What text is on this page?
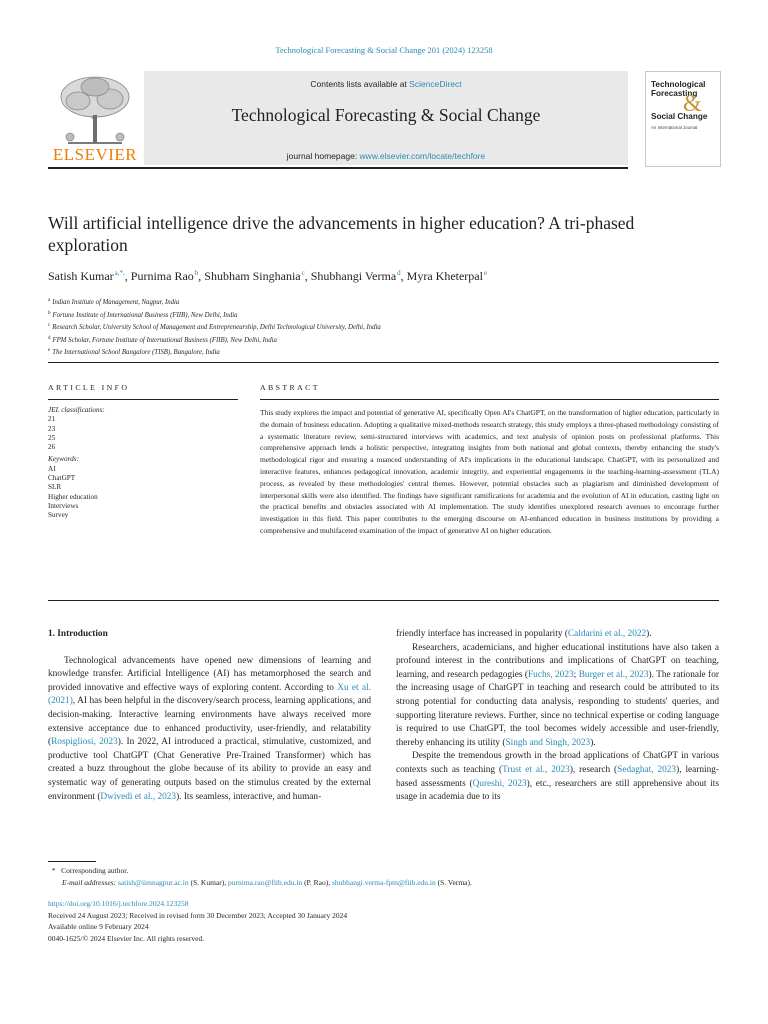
Technological Forecasting & Social Change 201 (2024) 123258
ELSEVIER
Contents lists available at ScienceDirect
Technological Forecasting & Social Change
journal homepage: www.elsevier.com/locate/techfore
Technological
Forecasting
Social Change
&
An International Journal
Will artificial intelligence drive the advancements in higher education? A tri-phased exploration
Satish Kumar$^{a,*,}$, Purnima Rao$^b$, Shubham Singhania$^c$, Shubhangi Verma$^d$, Myra Kheterpal$^e$
$^a$ Indian Institute of Management, Nagpur, India
$^b$ Fortune Institute of International Business (FIIB), New Delhi, India
$^c$ Research Scholar, University School of Management and Entrepreneurship, Delhi Technological University, Delhi, India
$^d$ FPM Scholar, Fortune Institute of International Business (FIIB), New Delhi, India
$^e$ The International School Bangalore (TISB), Bangalore, India
ARTICLE INFO
JEL classifications:
21
23
25
26
Keywords:
AI
ChatGPT
SLR
Higher education
Interviews
Survey
ABSTRACT
This study explores the impact and potential of generative AI, specifically Open AI's ChatGPT, on the transformation of higher education, particularly in the domain of business education. Adopting a qualitative mixed-methods research strategy, this study employs a three-phased methodology consisting of a systematic literature review, semi-structured interviews with academics, and text analysis of opinion posts on professional platforms. This comprehensive approach lends a holistic perspective, integrating insights from both national and global contexts, thereby enhancing the study's methodological rigor and ensuring a nuanced understanding of AI's implications in the educational landscape. ChatGPT, with its personalized and interactive features, enhances pedagogical innovation, academic integrity, and experiential engagements in the teaching-learning-assessment (TLA) process, as revealed by these methodologies' central themes. However, potential obstacles such as plagiarism and diminished development of interpersonal skills were also identified. The findings have significant ramifications for academia and the evolution of AI in education, casting light on the practical benefits and obstacles associated with AI implementation. The study identifies unexplored research avenues to encourage further investigation in this field. This paper contributes to the emerging discourse on AI-enhanced education in business institutions by providing a comprehensive and multifaceted examination of the impact of generative AI on higher education.

1. Introduction

Technological advancements have opened new dimensions of learning and knowledge transfer. Artificial Intelligence (AI) has metamorphosed the search and provided innovative and effective ways of exploring content. According to Xu et al. (2021), AI has been helpful in the discovery/search process, learning applications, and decision-making. Interactive learning environments have always received more extensive acceptance due to enhanced productivity, user-friendly, and relatability (Rospigliosi, 2023). In 2022, AI introduced a practical, stimulative, customized, and productive tool ChatGPT (Chat Generative Pre-Trained Transformer) which has created a buzz throughout the globe because of its ability to provide an easy and systematic way of generating outputs based on the stimulus created by the external environment (Dwivedi et al., 2023). Its seamless, interactive, and human-

friendly interface has increased in popularity (Caldarini et al., 2022).

Researchers, academicians, and higher educational institutions have also taken a profound interest in the contributions and implications of ChatGPT on teaching, learning, and research pedagogies (Fuchs, 2023; Burger et al., 2023). The rationale for the increasing usage of ChatGPT in teaching and research could be attributed to its strong potential for conducting data analysis, responding to students' queries, and supporting literature reviews. Further, since no technical expertise or coding language is required to use ChatGPT, the tool becomes widely accessible and user-friendly, thereby enhancing its utility (Singh and Singh, 2023).

Despite the tremendous growth in the broad applications of ChatGPT in various contexts such as teaching (Trust et al., 2023), research (Sedaghat, 2023), learning-based assessments (Qureshi, 2023), etc., researchers are still apprehensive about its usage in academia due to its

*   Corresponding author.
E-mail addresses: satish@iimnagpur.ac.in (S. Kumar), purnima.rao@fiib.edu.in (P. Rao), shubhangi.verma-fpm@fiib.edu.in (S. Verma).
https://doi.org/10.1016/j.techfore.2024.123258
Received 24 August 2023; Received in revised form 30 December 2023; Accepted 30 January 2024
Available online 9 February 2024
0040-1625/© 2024 Elsevier Inc. All rights reserved.
